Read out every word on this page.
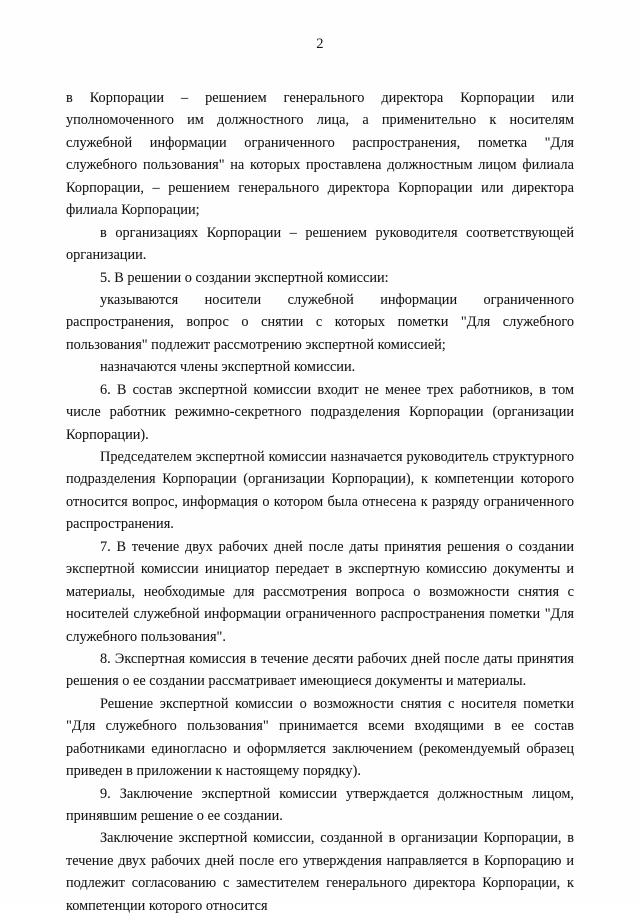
2

в Корпорации – решением генерального директора Корпорации или уполномоченного им должностного лица, а применительно к носителям служебной информации ограниченного распространения, пометка "Для служебного пользования" на которых проставлена должностным лицом филиала Корпорации, – решением генерального директора Корпорации или директора филиала Корпорации;

в организациях Корпорации – решением руководителя соответствующей организации.

5. В решении о создании экспертной комиссии:

указываются носители служебной информации ограниченного распространения, вопрос о снятии с которых пометки "Для служебного пользования" подлежит рассмотрению экспертной комиссией;

назначаются члены экспертной комиссии.

6. В состав экспертной комиссии входит не менее трех работников, в том числе работник режимно-секретного подразделения Корпорации (организации Корпорации).

Председателем экспертной комиссии назначается руководитель структурного подразделения Корпорации (организации Корпорации), к компетенции которого относится вопрос, информация о котором была отнесена к разряду ограниченного распространения.

7. В течение двух рабочих дней после даты принятия решения о создании экспертной комиссии инициатор передает в экспертную комиссию документы и материалы, необходимые для рассмотрения вопроса о возможности снятия с носителей служебной информации ограниченного распространения пометки "Для служебного пользования".

8. Экспертная комиссия в течение десяти рабочих дней после даты принятия решения о ее создании рассматривает имеющиеся документы и материалы.

Решение экспертной комиссии о возможности снятия с носителя пометки "Для служебного пользования" принимается всеми входящими в ее состав работниками единогласно и оформляется заключением (рекомендуемый образец приведен в приложении к настоящему порядку).

9. Заключение экспертной комиссии утверждается должностным лицом, принявшим решение о ее создании.

Заключение экспертной комиссии, созданной в организации Корпорации, в течение двух рабочих дней после его утверждения направляется в Корпорацию и подлежит согласованию с заместителем генерального директора Корпорации, к компетенции которого относится
